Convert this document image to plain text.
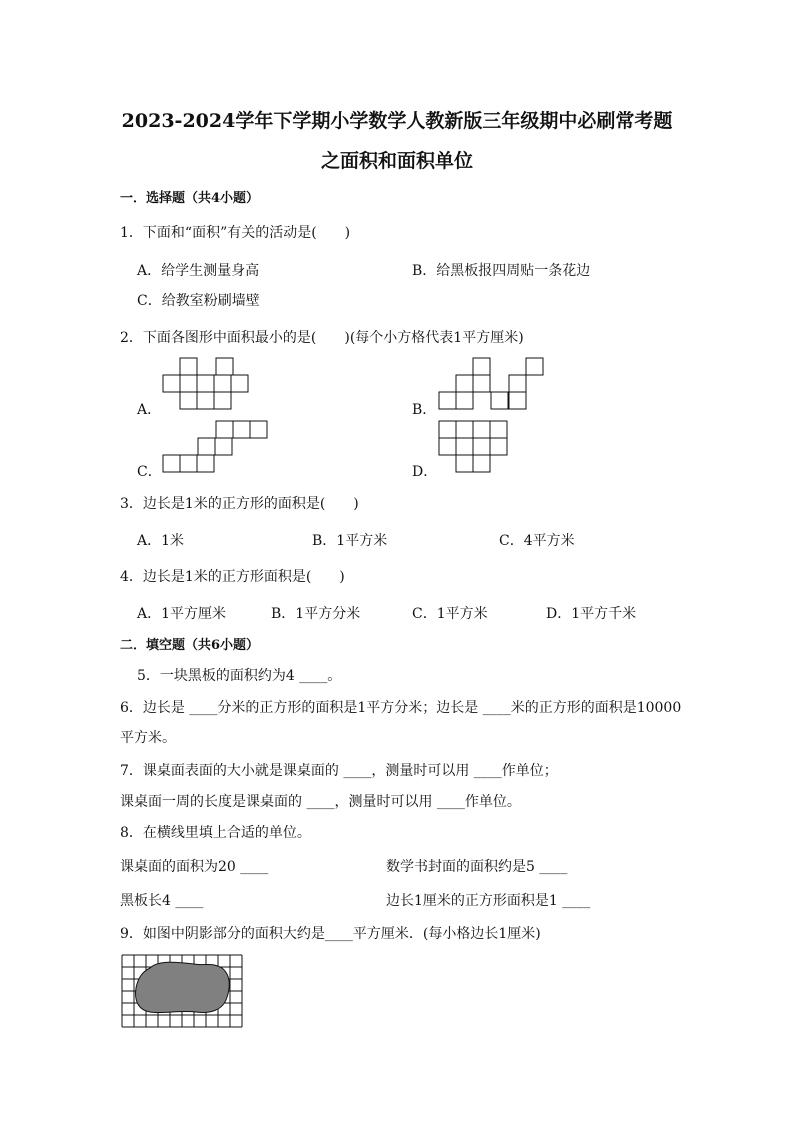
2023-2024学年下学期小学数学人教新版三年级期中必刷常考题
之面积和面积单位
一．选择题（共4小题）
1．下面和“面积”有关的活动是(　　)
A．给学生测量身高	B．给黑板报四周贴一条花边
C．给教室粉刷墙壁
2．下面各图形中面积最小的是(　　)(每个小方格代表1平方厘米)
A．	B．
C．	D．
3．边长是1米的正方形的面积是(　　)
A．1米	B．1平方米	C．4平方米
4．边长是1米的正方形面积是(　　)
A．1平方厘米	B．1平方分米	C．1平方米	D．1平方千米
二．填空题（共6小题）
5．一块黑板的面积约为4 ____。
6．边长是 ____分米的正方形的面积是1平方分米；边长是 ____米的正方形的面积是10000
平方米。
7．课桌面表面的大小就是课桌面的 ____，测量时可以用 ____作单位；
课桌面一周的长度是课桌面的 ____，测量时可以用 ____作单位。
8．在横线里填上合适的单位。
课桌面的面积为20 ____	数学书封面的面积约是5 ____
黑板长4 ____	边长1厘米的正方形面积是1 ____
9．如图中阴影部分的面积大约是____平方厘米．(每小格边长1厘米)
